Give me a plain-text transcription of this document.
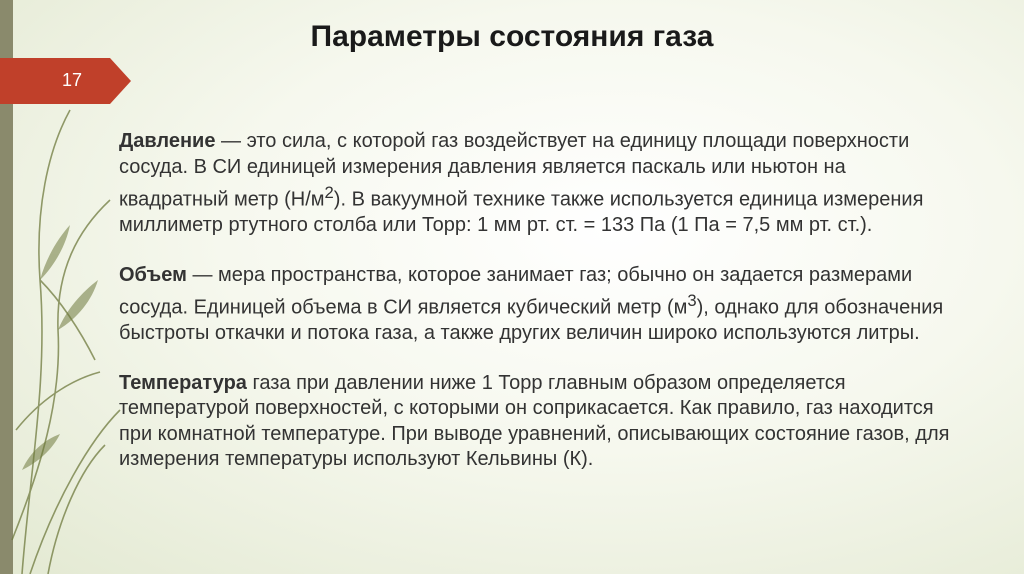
17
Параметры состояния газа

Давление — это сила, с которой газ воздействует на единицу площади поверхности сосуда. В СИ единицей измерения давления является паскаль или ньютон на квадратный метр $(Н/м^2)$. В вакуумной технике также используется единица измерения миллиметр ртутного столба или Торр: 1 мм рт. ст. = 133 Па (1 Па = 7,5 мм рт. ст.).

Объем — мера пространства, которое занимает газ; обычно он задается размерами сосуда. Единицей объема в СИ является кубический метр $(м^3)$, однако для обозначения быстроты откачки и потока газа, а также других величин широко используются литры.

Температура газа при давлении ниже 1 Торр главным образом определяется температурой поверхностей, с которыми он соприкасается. Как правило, газ находится при комнатной температуре. При выводе уравнений, описывающих состояние газов, для измерения температуры используют Кельвины (К).
